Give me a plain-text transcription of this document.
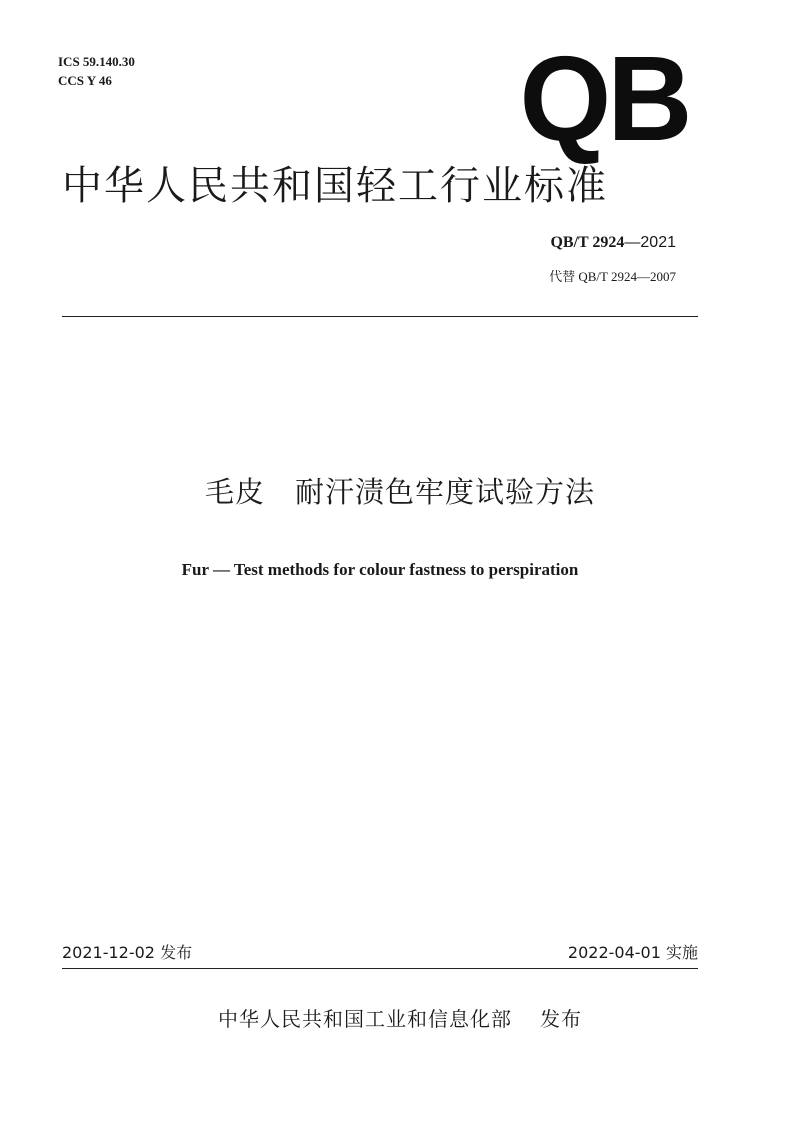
ICS 59.140.30
CCS Y 46	QB
中华人民共和国轻工行业标准
QB/T 2924—2021
代替 QB/T 2924—2007
毛皮 耐汗渍色牢度试验方法
Fur — Test methods for colour fastness to perspiration
2021-12-02 发布	2022-04-01 实施
中华人民共和国工业和信息化部 发布
